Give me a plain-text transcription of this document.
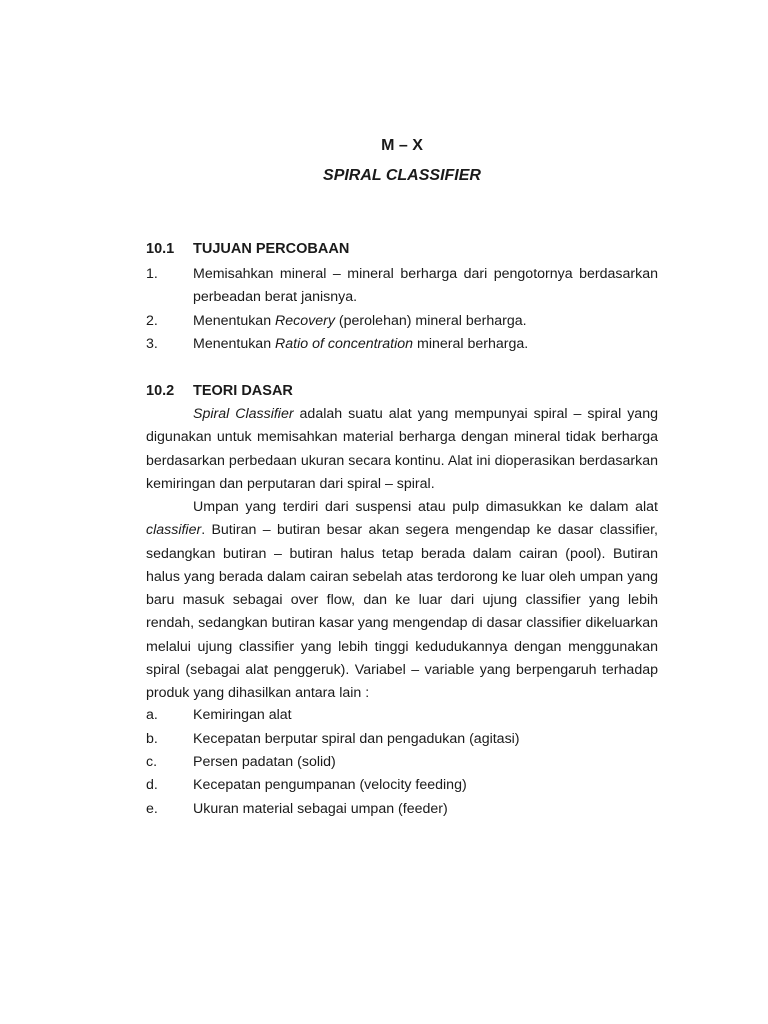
M – X
SPIRAL CLASSIFIER
10.1 TUJUAN PERCOBAAN
1. Memisahkan mineral – mineral berharga dari pengotornya berdasarkan
perbeadan berat janisnya.
2. Menentukan Recovery (perolehan) mineral berharga.
3. Menentukan Ratio of concentration mineral berharga.
10.2 TEORI DASAR
Spiral Classifier adalah suatu alat yang mempunyai spiral – spiral yang
digunakan untuk memisahkan material berharga dengan mineral tidak berharga
berdasarkan perbedaan ukuran secara kontinu. Alat ini dioperasikan berdasarkan
kemiringan dan perputaran dari spiral – spiral.
Umpan yang terdiri dari suspensi atau pulp dimasukkan ke dalam alat
classifier. Butiran – butiran besar akan segera mengendap ke dasar classifier,
sedangkan butiran – butiran halus tetap berada dalam cairan (pool). Butiran
halus yang berada dalam cairan sebelah atas terdorong ke luar oleh umpan yang
baru masuk sebagai over flow, dan ke luar dari ujung classifier yang lebih
rendah, sedangkan butiran kasar yang mengendap di dasar classifier dikeluarkan
melalui ujung classifier yang lebih tinggi kedudukannya dengan menggunakan
spiral (sebagai alat penggeruk). Variabel – variable yang berpengaruh terhadap
produk yang dihasilkan antara lain :
a. Kemiringan alat
b. Kecepatan berputar spiral dan pengadukan (agitasi)
c.	Persen padatan (solid)
d. Kecepatan pengumpanan (velocity feeding)
e. Ukuran material sebagai umpan (feeder)
